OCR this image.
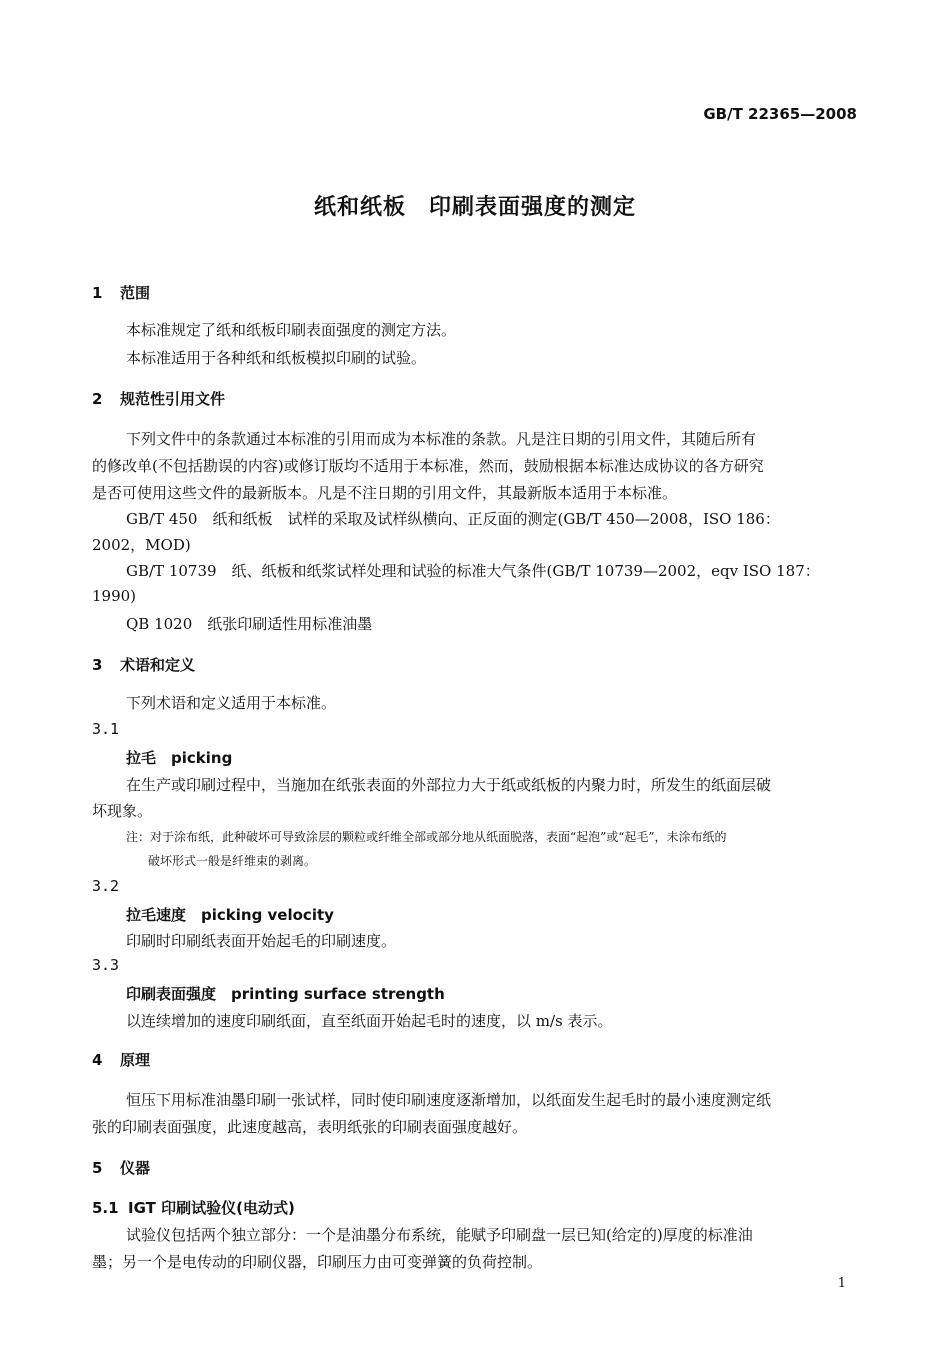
GB/T 22365—2008
纸和纸板　印刷表面强度的测定
1 范围
本标准规定了纸和纸板印刷表面强度的测定方法。
本标准适用于各种纸和纸板模拟印刷的试验。
2 规范性引用文件
下列文件中的条款通过本标准的引用而成为本标准的条款。凡是注日期的引用文件，其随后所有
的修改单(不包括勘误的内容)或修订版均不适用于本标准，然而，鼓励根据本标准达成协议的各方研究
是否可使用这些文件的最新版本。凡是不注日期的引用文件，其最新版本适用于本标准。
GB/T 450　纸和纸板　试样的采取及试样纵横向、正反面的测定(GB/T 450—2008，ISO 186：
2002，MOD)
GB/T 10739　纸、纸板和纸浆试样处理和试验的标准大气条件(GB/T 10739—2002，eqv ISO 187：
1990)
QB 1020　纸张印刷适性用标准油墨
3 术语和定义
下列术语和定义适用于本标准。
3.1
拉毛　picking
在生产或印刷过程中，当施加在纸张表面的外部拉力大于纸或纸板的内聚力时，所发生的纸面层破
坏现象。
注：对于涂布纸，此种破坏可导致涂层的颗粒或纤维全部或部分地从纸面脱落，表面“起泡”或“起毛”，未涂布纸的
破坏形式一般是纤维束的剥离。
3.2
拉毛速度　picking velocity
印刷时印刷纸表面开始起毛的印刷速度。
3.3
印刷表面强度　printing surface strength
以连续增加的速度印刷纸面，直至纸面开始起毛时的速度，以 m/s 表示。
4 原理
恒压下用标准油墨印刷一张试样，同时使印刷速度逐渐增加，以纸面发生起毛时的最小速度测定纸
张的印刷表面强度，此速度越高，表明纸张的印刷表面强度越好。
5 仪器
5.1 IGT 印刷试验仪(电动式)
试验仪包括两个独立部分：一个是油墨分布系统，能赋予印刷盘一层已知(给定的)厚度的标准油
墨；另一个是电传动的印刷仪器，印刷压力由可变弹簧的负荷控制。
1
